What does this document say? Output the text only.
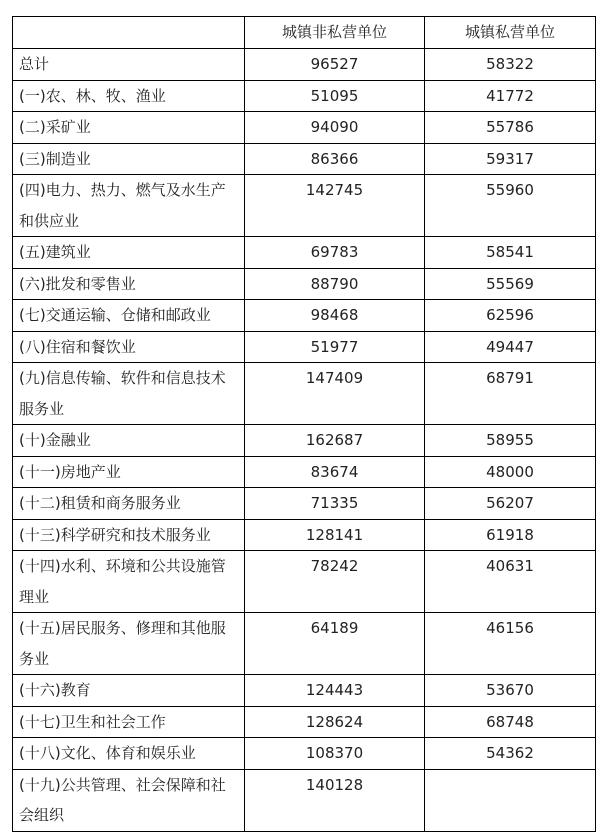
	城镇非私营单位	城镇私营单位
总计	96527	58322
(一)农、林、牧、渔业	51095	41772
(二)采矿业	94090	55786
(三)制造业	86366	59317
(四)电力、热力、燃气及水生产和供应业	142745	55960
(五)建筑业	69783	58541
(六)批发和零售业	88790	55569
(七)交通运输、仓储和邮政业	98468	62596
(八)住宿和餐饮业	51977	49447
(九)信息传输、软件和信息技术服务业	147409	68791
(十)金融业	162687	58955
(十一)房地产业	83674	48000
(十二)租赁和商务服务业	71335	56207
(十三)科学研究和技术服务业	128141	61918
(十四)水利、环境和公共设施管理业	78242	40631
(十五)居民服务、修理和其他服务业	64189	46156
(十六)教育	124443	53670
(十七)卫生和社会工作	128624	68748
(十八)文化、体育和娱乐业	108370	54362
(十九)公共管理、社会保障和社会组织	140128	
